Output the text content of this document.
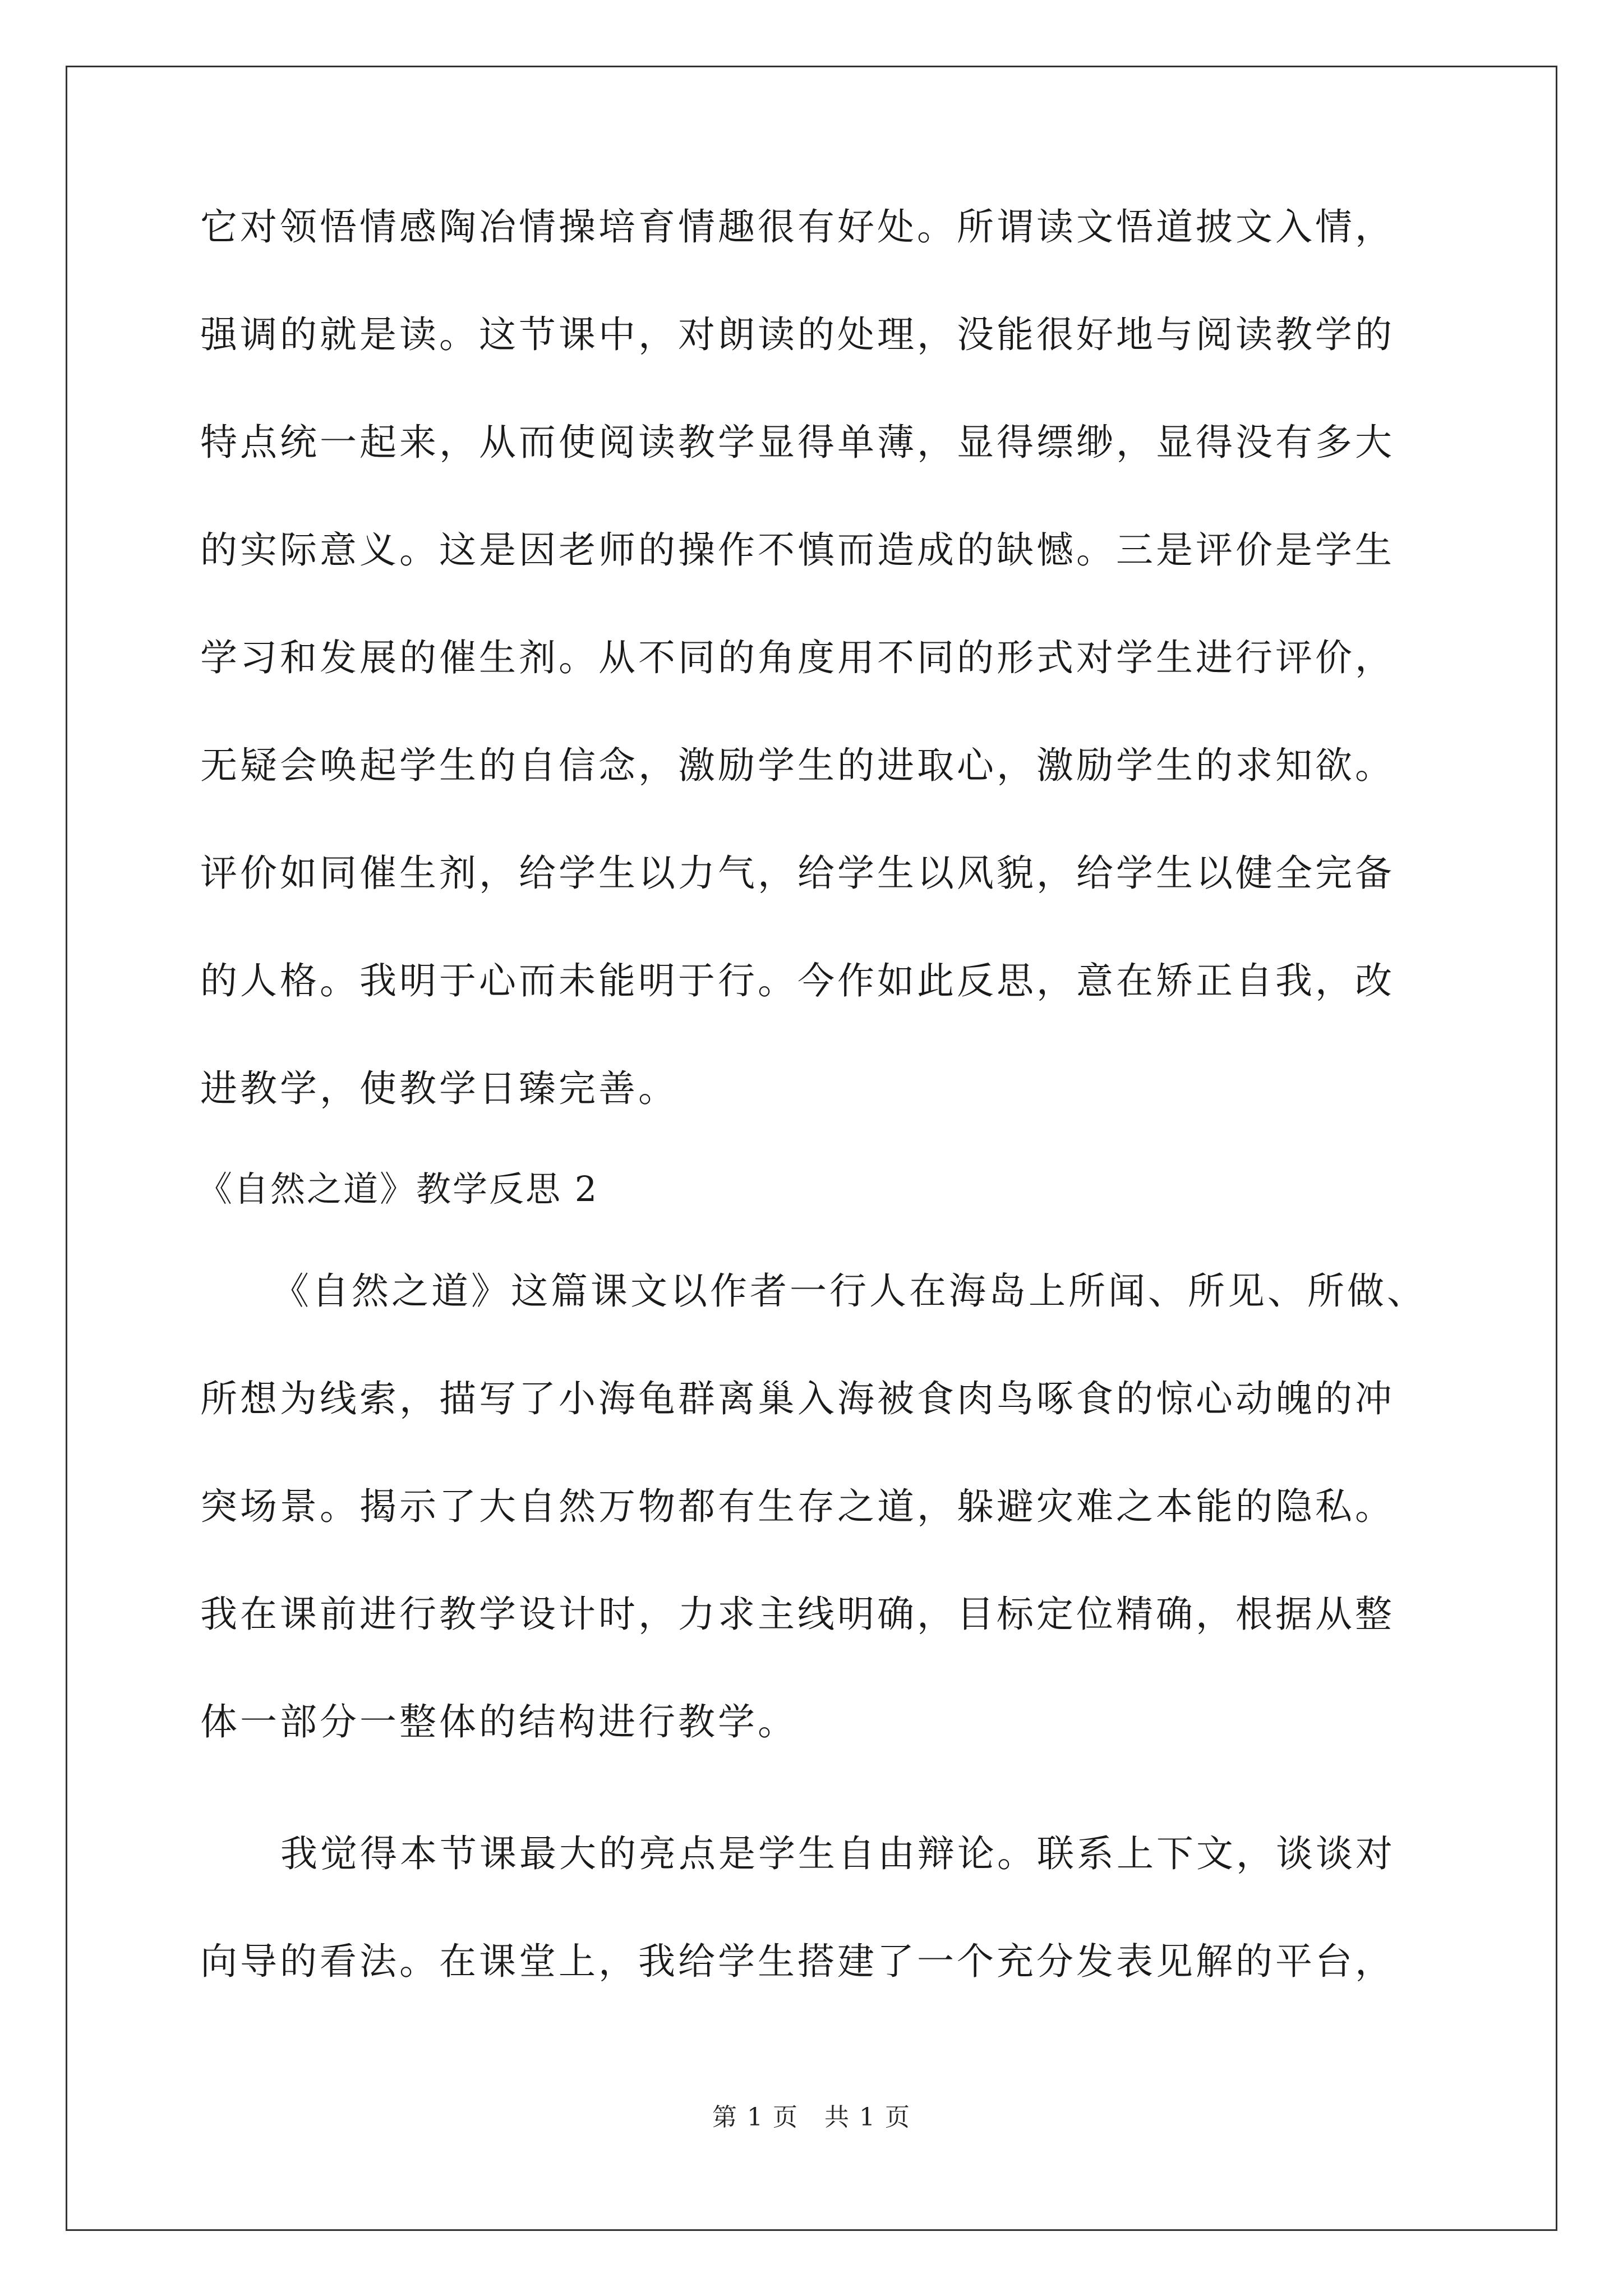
它对领悟情感陶冶情操培育情趣很有好处。所谓读文悟道披文入情，
强调的就是读。这节课中，对朗读的处理，没能很好地与阅读教学的
特点统一起来，从而使阅读教学显得单薄，显得缥缈，显得没有多大
的实际意义。这是因老师的操作不慎而造成的缺憾。三是评价是学生
学习和发展的催生剂。从不同的角度用不同的形式对学生进行评价，
无疑会唤起学生的自信念，激励学生的进取心，激励学生的求知欲。
评价如同催生剂，给学生以力气，给学生以风貌，给学生以健全完备
的人格。我明于心而未能明于行。今作如此反思，意在矫正自我，改
进教学，使教学日臻完善。
《自然之道》教学反思 2
《自然之道》这篇课文以作者一行人在海岛上所闻、所见、所做、
所想为线索，描写了小海龟群离巢入海被食肉鸟啄食的惊心动魄的冲
突场景。揭示了大自然万物都有生存之道，躲避灾难之本能的隐私。
我在课前进行教学设计时，力求主线明确，目标定位精确，根据从整
体一部分一整体的结构进行教学。
我觉得本节课最大的亮点是学生自由辩论。联系上下文，谈谈对
向导的看法。在课堂上，我给学生搭建了一个充分发表见解的平台，
第 1 页　共 1 页
